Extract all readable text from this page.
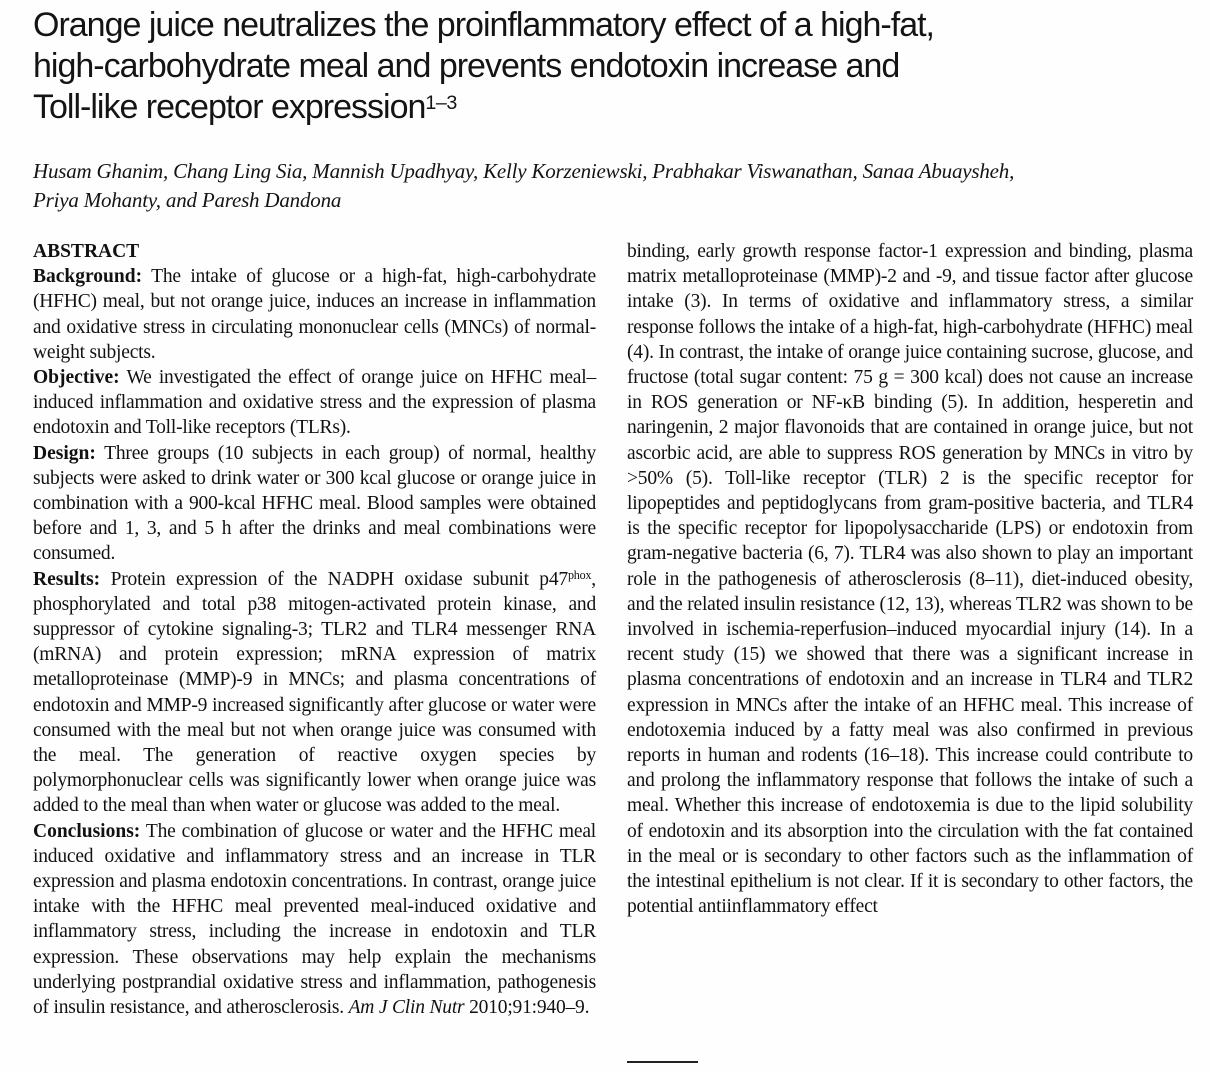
Orange juice neutralizes the proinflammatory effect of a high-fat,
high-carbohydrate meal and prevents endotoxin increase and
Toll-like receptor expression$^{1-3}$
Husam Ghanim, Chang Ling Sia, Mannish Upadhyay, Kelly Korzeniewski, Prabhakar Viswanathan, Sanaa Abuaysheh,
Priya Mohanty, and Paresh Dandona
ABSTRACT

Background: The intake of glucose or a high-fat, high-carbohydrate (HFHC) meal, but not orange juice, induces an increase in inflammation and oxidative stress in circulating mononuclear cells (MNCs) of normal-weight subjects.

Objective: We investigated the effect of orange juice on HFHC meal–induced inflammation and oxidative stress and the expression of plasma endotoxin and Toll-like receptors (TLRs).

Design: Three groups (10 subjects in each group) of normal, healthy subjects were asked to drink water or 300 kcal glucose or orange juice in combination with a 900-kcal HFHC meal. Blood samples were obtained before and 1, 3, and 5 h after the drinks and meal combinations were consumed.

Results: Protein expression of the NADPH oxidase subunit $p47^{phox}$, phosphorylated and total p38 mitogen-activated protein kinase, and suppressor of cytokine signaling-3; TLR2 and TLR4 messenger RNA (mRNA) and protein expression; mRNA expression of matrix metalloproteinase (MMP)-9 in MNCs; and plasma concentrations of endotoxin and MMP-9 increased significantly after glucose or water were consumed with the meal but not when orange juice was consumed with the meal. The generation of reactive oxygen species by polymorphonuclear cells was significantly lower when orange juice was added to the meal than when water or glucose was added to the meal.

Conclusions: The combination of glucose or water and the HFHC meal induced oxidative and inflammatory stress and an increase in TLR expression and plasma endotoxin concentrations. In contrast, orange juice intake with the HFHC meal prevented meal-induced oxidative and inflammatory stress, including the increase in endotoxin and TLR expression. These observations may help explain the mechanisms underlying postprandial oxidative stress and inflammation, pathogenesis of insulin resistance, and atherosclerosis. Am J Clin Nutr 2010;91:940–9.

binding, early growth response factor-1 expression and binding, plasma matrix metalloproteinase (MMP)-2 and -9, and tissue factor after glucose intake (3). In terms of oxidative and inflammatory stress, a similar response follows the intake of a high-fat, high-carbohydrate (HFHC) meal (4). In contrast, the intake of orange juice containing sucrose, glucose, and fructose (total sugar content: 75 g = 300 kcal) does not cause an increase in ROS generation or NF-κB binding (5). In addition, hesperetin and naringenin, 2 major flavonoids that are contained in orange juice, but not ascorbic acid, are able to suppress ROS generation by MNCs in vitro by >50% (5). Toll-like receptor (TLR) 2 is the specific receptor for lipopeptides and peptidoglycans from gram-positive bacteria, and TLR4 is the specific receptor for lipopolysaccharide (LPS) or endotoxin from gram-negative bacteria (6, 7). TLR4 was also shown to play an important role in the pathogenesis of atherosclerosis (8–11), diet-induced obesity, and the related insulin resistance (12, 13), whereas TLR2 was shown to be involved in ischemia-reperfusion–induced myocardial injury (14). In a recent study (15) we showed that there was a significant increase in plasma concentrations of endotoxin and an increase in TLR4 and TLR2 expression in MNCs after the intake of an HFHC meal. This increase of endotoxemia induced by a fatty meal was also confirmed in previous reports in human and rodents (16–18). This increase could contribute to and prolong the inflammatory response that follows the intake of such a meal. Whether this increase of endotoxemia is due to the lipid solubility of endotoxin and its absorption into the circulation with the fat contained in the meal or is secondary to other factors such as the inflammation of the intestinal epithelium is not clear. If it is secondary to other factors, the potential antiinflammatory effect
